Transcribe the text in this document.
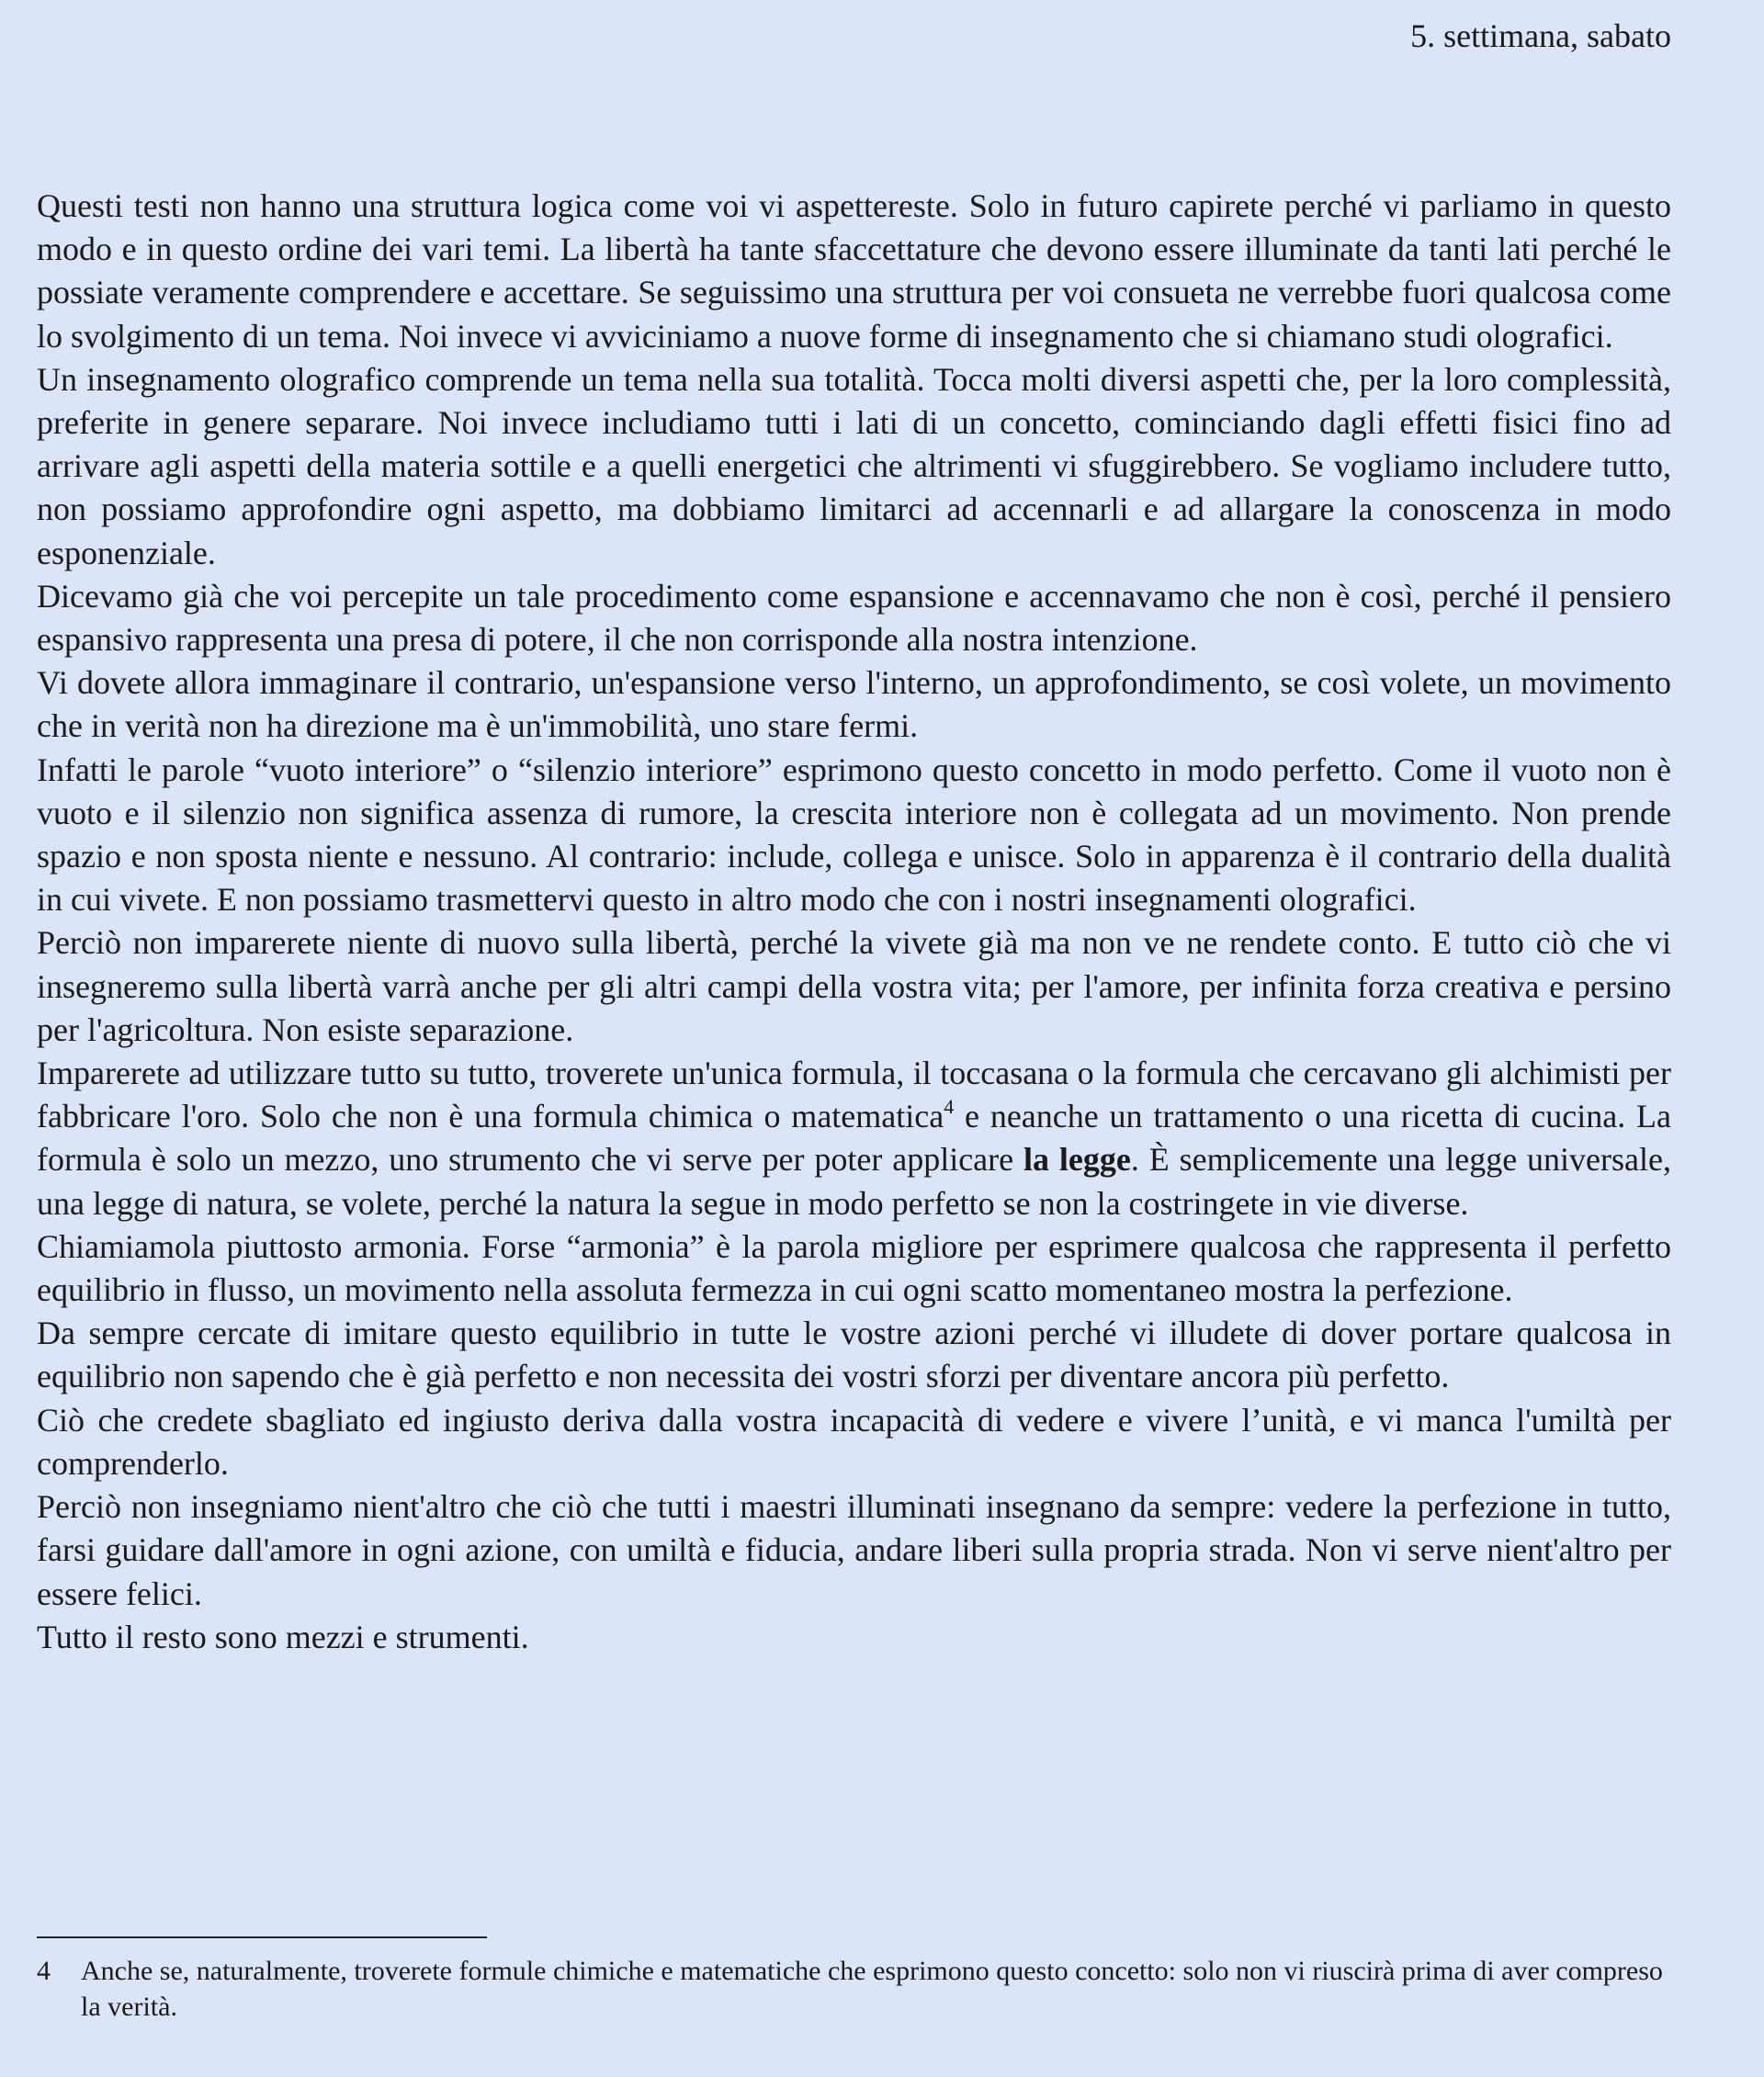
5. settimana, sabato

Questi testi non hanno una struttura logica come voi vi aspettereste. Solo in futuro capirete perché vi parliamo in questo modo e in questo ordine dei vari temi. La libertà ha tante sfaccettature che devono essere illuminate da tanti lati perché le possiate veramente comprendere e accettare. Se seguissimo una struttura per voi consueta ne verrebbe fuori qualcosa come lo svolgimento di un tema. Noi invece vi avviciniamo a nuove forme di insegnamento che si chiamano studi olografici.

Un insegnamento olografico comprende un tema nella sua totalità. Tocca molti diversi aspetti che, per la loro complessità, preferite in genere separare. Noi invece includiamo tutti i lati di un concetto, cominciando dagli effetti fisici fino ad arrivare agli aspetti della materia sottile e a quelli energetici che altrimenti vi sfuggirebbero. Se vogliamo includere tutto, non possiamo approfondire ogni aspetto, ma dobbiamo limitarci ad accennarli e ad allargare la conoscenza in modo esponenziale.

Dicevamo già che voi percepite un tale procedimento come espansione e accennavamo che non è così, perché il pensiero espansivo rappresenta una presa di potere, il che non corrisponde alla nostra intenzione.

Vi dovete allora immaginare il contrario, un'espansione verso l'interno, un approfondimento, se così volete, un movimento che in verità non ha direzione ma è un'immobilità, uno stare fermi.

Infatti le parole “vuoto interiore” o “silenzio interiore” esprimono questo concetto in modo perfetto. Come il vuoto non è vuoto e il silenzio non significa assenza di rumore, la crescita interiore non è collegata ad un movimento. Non prende spazio e non sposta niente e nessuno. Al contrario: include, collega e unisce. Solo in apparenza è il contrario della dualità in cui vivete. E non possiamo trasmettervi questo in altro modo che con i nostri insegnamenti olografici.

Perciò non imparerete niente di nuovo sulla libertà, perché la vivete già ma non ve ne rendete conto. E tutto ciò che vi insegneremo sulla libertà varrà anche per gli altri campi della vostra vita; per l'amore, per infinita forza creativa e persino per l'agricoltura. Non esiste separazione.

Imparerete ad utilizzare tutto su tutto, troverete un'unica formula, il toccasana o la formula che cercavano gli alchimisti per fabbricare l'oro. Solo che non è una formula chimica o matematica$^4$ e neanche un trattamento o una ricetta di cucina. La formula è solo un mezzo, uno strumento che vi serve per poter applicare la legge. È semplicemente una legge universale, una legge di natura, se volete, perché la natura la segue in modo perfetto se non la costringete in vie diverse.

Chiamiamola piuttosto armonia. Forse “armonia” è la parola migliore per esprimere qualcosa che rappresenta il perfetto equilibrio in flusso, un movimento nella assoluta fermezza in cui ogni scatto momentaneo mostra la perfezione.

Da sempre cercate di imitare questo equilibrio in tutte le vostre azioni perché vi illudete di dover portare qualcosa in equilibrio non sapendo che è già perfetto e non necessita dei vostri sforzi per diventare ancora più perfetto.

Ciò che credete sbagliato ed ingiusto deriva dalla vostra incapacità di vedere e vivere l’unità, e vi manca l'umiltà per comprenderlo.

Perciò non insegniamo nient'altro che ciò che tutti i maestri illuminati insegnano da sempre: vedere la perfezione in tutto, farsi guidare dall'amore in ogni azione, con umiltà e fiducia, andare liberi sulla propria strada. Non vi serve nient'altro per essere felici.

Tutto il resto sono mezzi e strumenti.

4 Anche se, naturalmente, troverete formule chimiche e matematiche che esprimono questo concetto: solo non vi riuscirà prima di aver compreso la verità.
